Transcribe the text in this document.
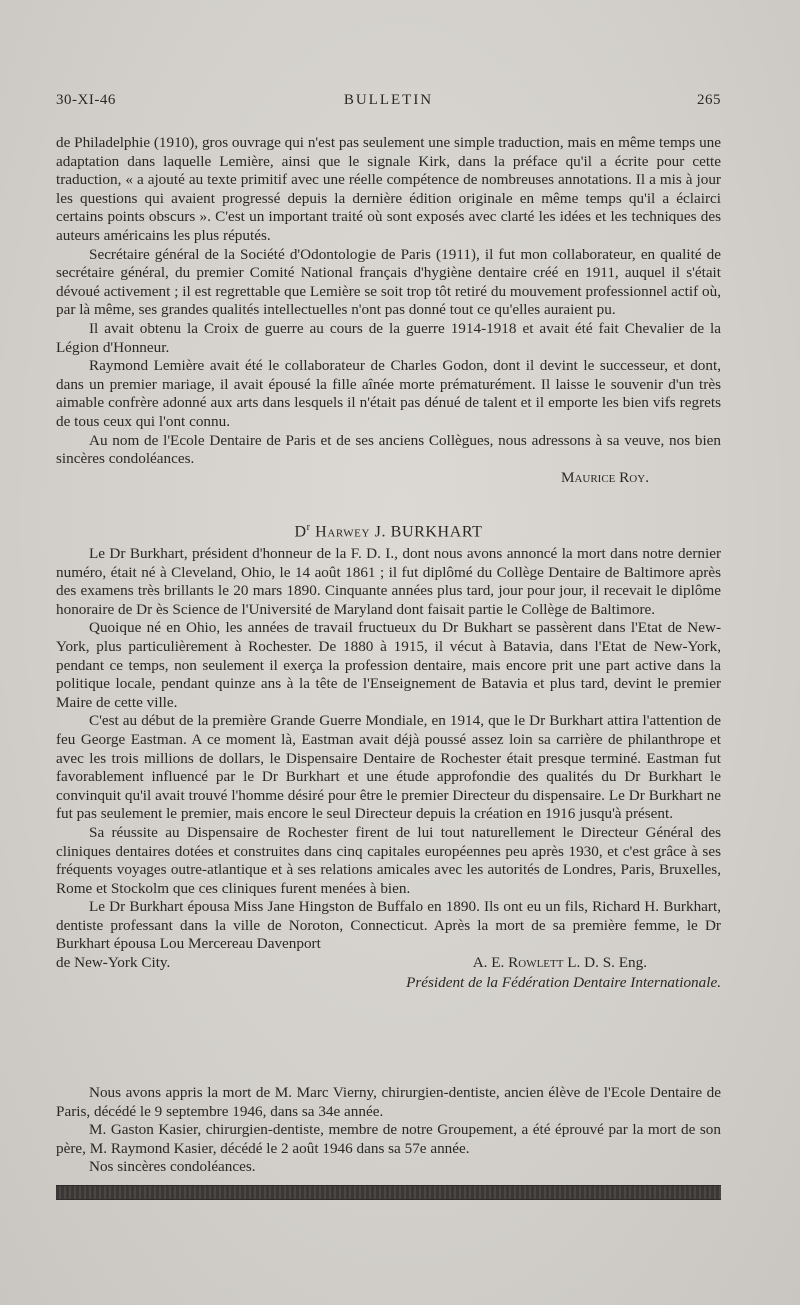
30-XI-46	BULLETIN	265

de Philadelphie (1910), gros ouvrage qui n'est pas seulement une simple traduction, mais en même temps une adaptation dans laquelle Lemière, ainsi que le signale Kirk, dans la préface qu'il a écrite pour cette traduction, « a ajouté au texte primitif avec une réelle compétence de nombreuses annotations. Il a mis à jour les questions qui avaient progressé depuis la dernière édition originale en même temps qu'il a éclairci certains points obscurs ». C'est un important traité où sont exposés avec clarté les idées et les techniques des auteurs américains les plus réputés.

Secrétaire général de la Société d'Odontologie de Paris (1911), il fut mon collaborateur, en qualité de secrétaire général, du premier Comité National français d'hygiène dentaire créé en 1911, auquel il s'était dévoué activement ; il est regrettable que Lemière se soit trop tôt retiré du mouvement professionnel actif où, par là même, ses grandes qualités intellectuelles n'ont pas donné tout ce qu'elles auraient pu.

Il avait obtenu la Croix de guerre au cours de la guerre 1914-1918 et avait été fait Chevalier de la Légion d'Honneur.

Raymond Lemière avait été le collaborateur de Charles Godon, dont il devint le successeur, et dont, dans un premier mariage, il avait épousé la fille aînée morte prématurément. Il laisse le souvenir d'un très aimable confrère adonné aux arts dans lesquels il n'était pas dénué de talent et il emporte les bien vifs regrets de tous ceux qui l'ont connu.

Au nom de l'Ecole Dentaire de Paris et de ses anciens Collègues, nous adressons à sa veuve, nos bien sincères condoléances.

Maurice Roy.
$D^r$ Harwey J. BURKHART

Le Dr Burkhart, président d'honneur de la F. D. I., dont nous avons annoncé la mort dans notre dernier numéro, était né à Cleveland, Ohio, le 14 août 1861 ; il fut diplômé du Collège Dentaire de Baltimore après des examens très brillants le 20 mars 1890. Cinquante années plus tard, jour pour jour, il recevait le diplôme honoraire de Dr ès Science de l'Université de Maryland dont faisait partie le Collège de Baltimore.

Quoique né en Ohio, les années de travail fructueux du Dr Bukhart se passèrent dans l'Etat de New-York, plus particulièrement à Rochester. De 1880 à 1915, il vécut à Batavia, dans l'Etat de New-York, pendant ce temps, non seulement il exerça la profession dentaire, mais encore prit une part active dans la politique locale, pendant quinze ans à la tête de l'Enseignement de Batavia et plus tard, devint le premier Maire de cette ville.

C'est au début de la première Grande Guerre Mondiale, en 1914, que le Dr Burkhart attira l'attention de feu George Eastman. A ce moment là, Eastman avait déjà poussé assez loin sa carrière de philanthrope et avec les trois millions de dollars, le Dispensaire Dentaire de Rochester était presque terminé. Eastman fut favorablement influencé par le Dr Burkhart et une étude approfondie des qualités du Dr Burkhart le convinquit qu'il avait trouvé l'homme désiré pour être le premier Directeur du dispensaire. Le Dr Burkhart ne fut pas seulement le premier, mais encore le seul Directeur depuis la création en 1916 jusqu'à présent.

Sa réussite au Dispensaire de Rochester firent de lui tout naturellement le Directeur Général des cliniques dentaires dotées et construites dans cinq capitales européennes peu après 1930, et c'est grâce à ses fréquents voyages outre-atlantique et à ses relations amicales avec les autorités de Londres, Paris, Bruxelles, Rome et Stockolm que ces cliniques furent menées à bien.

Le Dr Burkhart épousa Miss Jane Hingston de Buffalo en 1890. Ils ont eu un fils, Richard H. Burkhart, dentiste professant dans la ville de Noroton, Connecticut. Après la mort de sa première femme, le Dr Burkhart épousa Lou Mercereau Davenport

de New-York City.	A. E. Rowlett L. D. S. Eng.
Président de la Fédération Dentaire Internationale.

Nous avons appris la mort de M. Marc Vierny, chirurgien-dentiste, ancien élève de l'Ecole Dentaire de Paris, décédé le 9 septembre 1946, dans sa 34e année.

M. Gaston Kasier, chirurgien-dentiste, membre de notre Groupement, a été éprouvé par la mort de son père, M. Raymond Kasier, décédé le 2 août 1946 dans sa 57e année.

Nos sincères condoléances.
